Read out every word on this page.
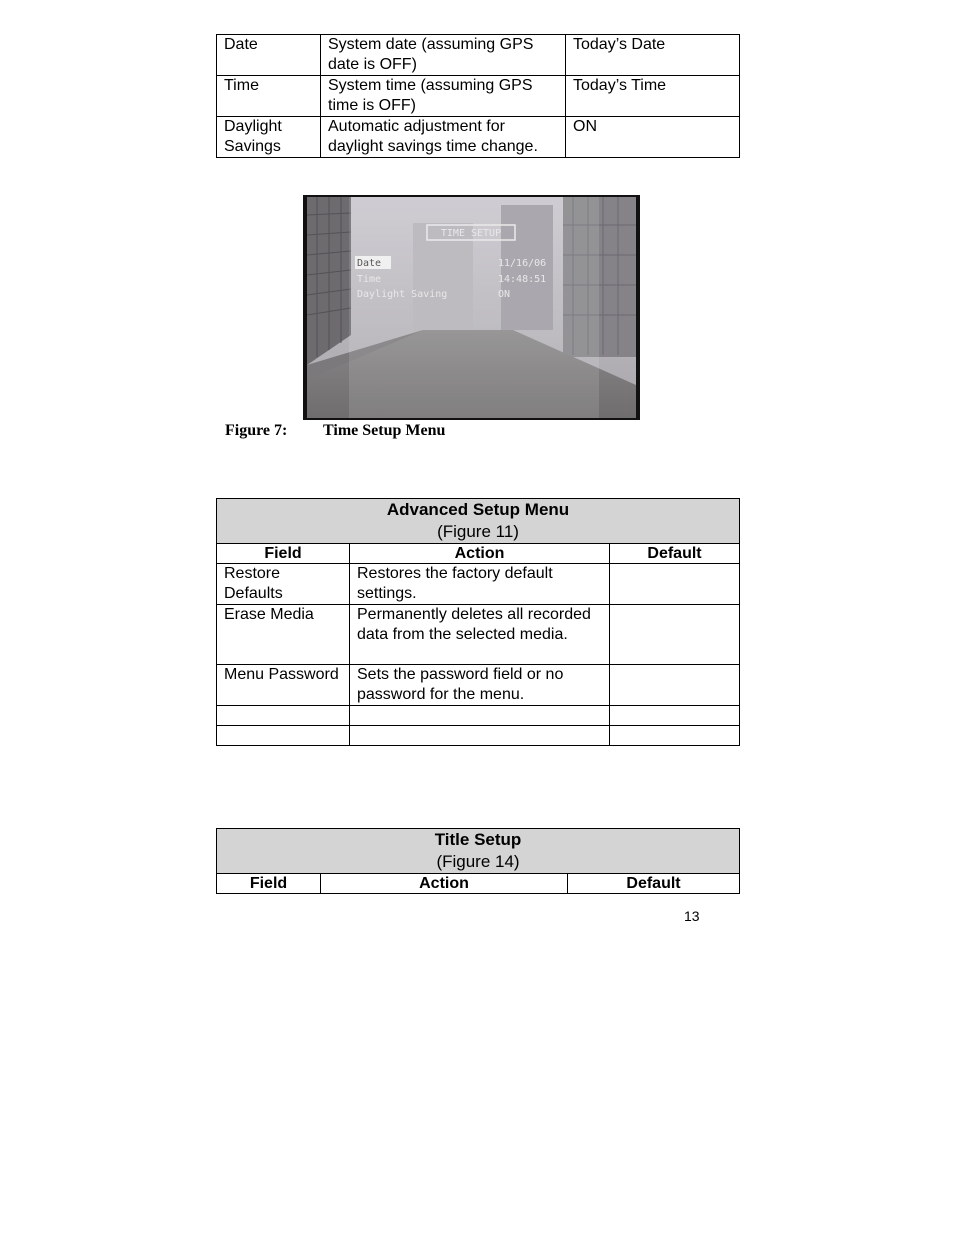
Date	System date (assuming GPS date is OFF)	Today’s Date
Time	System time (assuming GPS time is OFF)	Today’s Time
Daylight Savings	Automatic adjustment for daylight savings time change.	ON
TIME SETUP
Date	11/16/06
Time	14:48:51
Daylight Saving	ON
Figure 7: Time Setup Menu
Advanced Setup Menu
(Figure 11)		

Field	Action	Default
Restore Defaults	Restores the factory default settings.	
Erase Media	Permanently deletes all recorded data from the selected media.	
Menu Password	Sets the password field or no password for the menu.	

Title Setup
(Figure 14)

Field	Action	Default
13
